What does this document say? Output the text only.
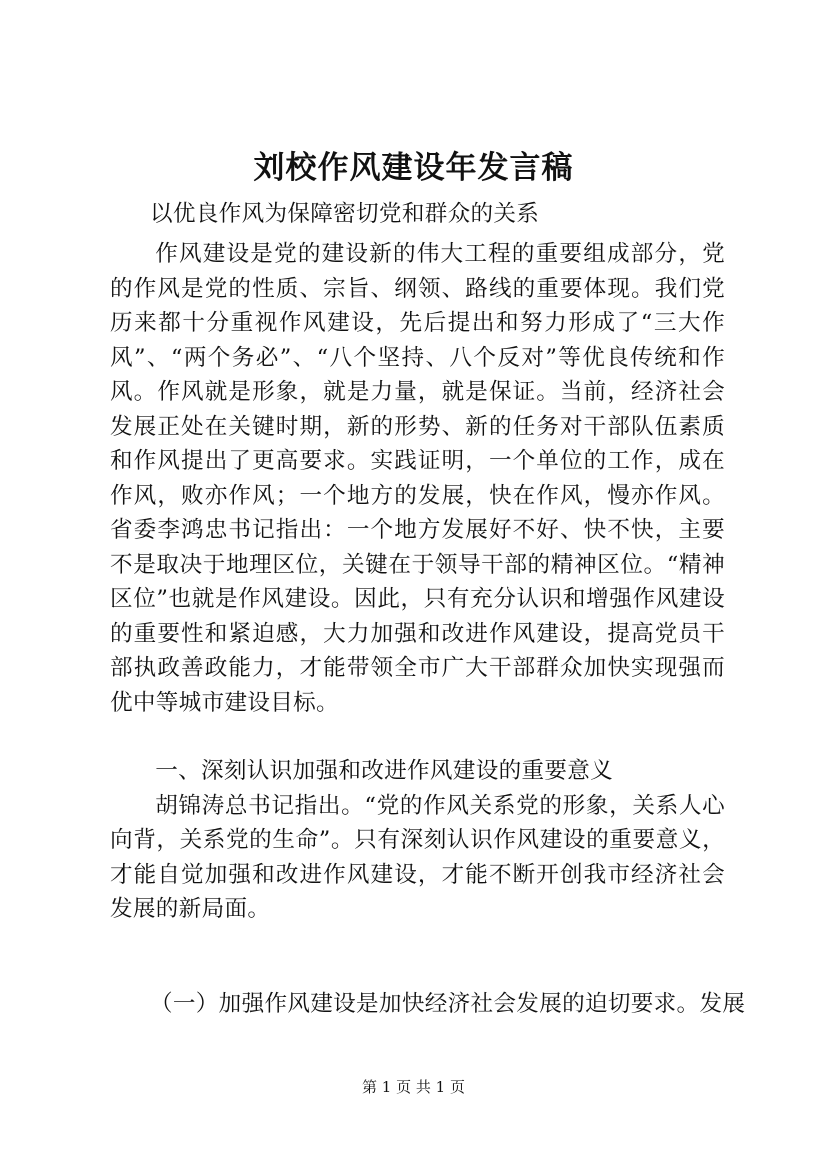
刘校作风建设年发言稿
以优良作风为保障密切党和群众的关系

作风建设是党的建设新的伟大工程的重要组成部分，党的作风是党的性质、宗旨、纲领、路线的重要体现。我们党历来都十分重视作风建设，先后提出和努力形成了“三大作风”、“两个务必”、“八个坚持、八个反对”等优良传统和作风。作风就是形象，就是力量，就是保证。当前，经济社会发展正处在关键时期，新的形势、新的任务对干部队伍素质和作风提出了更高要求。实践证明，一个单位的工作，成在作风，败亦作风；一个地方的发展，快在作风，慢亦作风。省委李鸿忠书记指出：一个地方发展好不好、快不快，主要不是取决于地理区位，关键在于领导干部的精神区位。“精神区位”也就是作风建设。因此，只有充分认识和增强作风建设的重要性和紧迫感，大力加强和改进作风建设，提高党员干部执政善政能力，才能带领全市广大干部群众加快实现强而优中等城市建设目标。

一、深刻认识加强和改进作风建设的重要意义

胡锦涛总书记指出。“党的作风关系党的形象，关系人心向背，关系党的生命”。只有深刻认识作风建设的重要意义，才能自觉加强和改进作风建设，才能不断开创我市经济社会发展的新局面。

（一）加强作风建设是加快经济社会发展的迫切要求。发展
第 1 页 共 1 页
